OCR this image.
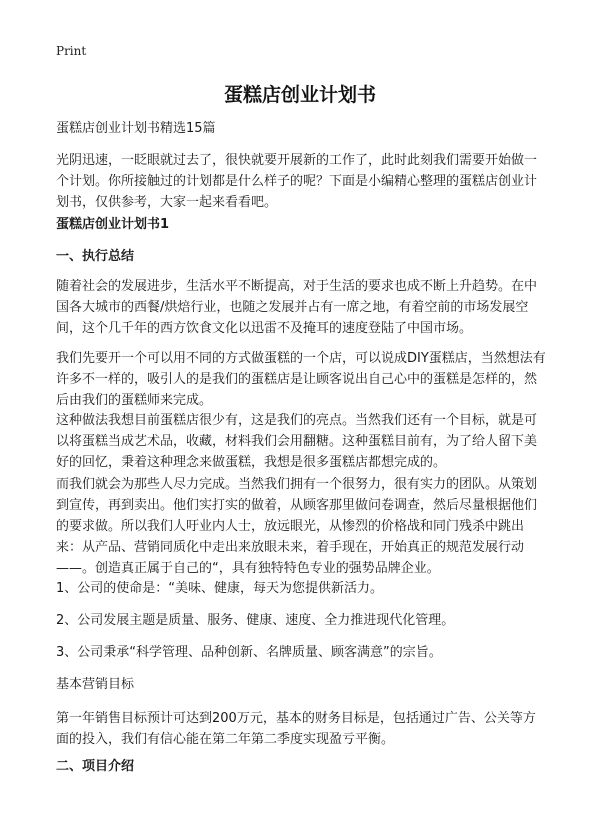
Print
蛋糕店创业计划书
蛋糕店创业计划书精选15篇
光阴迅速，一眨眼就过去了，很快就要开展新的工作了，此时此刻我们需要开始做一个计划。你所接触过的计划都是什么样子的呢？下面是小编精心整理的蛋糕店创业计划书，仅供参考，大家一起来看看吧。
蛋糕店创业计划书1
一、执行总结
随着社会的发展进步，生活水平不断提高，对于生活的要求也成不断上升趋势。在中国各大城市的西餐/烘焙行业，也随之发展并占有一席之地，有着空前的市场发展空间，这个几千年的西方饮食文化以迅雷不及掩耳的速度登陆了中国市场。
我们先要开一个可以用不同的方式做蛋糕的一个店，可以说成DIY蛋糕店，当然想法有许多不一样的，吸引人的是我们的蛋糕店是让顾客说出自己心中的蛋糕是怎样的，然后由我们的蛋糕师来完成。
这种做法我想目前蛋糕店很少有，这是我们的亮点。当然我们还有一个目标，就是可以将蛋糕当成艺术品，收藏，材料我们会用翻糖。这种蛋糕目前有，为了给人留下美好的回忆，秉着这种理念来做蛋糕，我想是很多蛋糕店都想完成的。
而我们就会为那些人尽力完成。当然我们拥有一个很努力，很有实力的团队。从策划到宣传，再到卖出。他们实打实的做着，从顾客那里做问卷调查，然后尽量根据他们的要求做。所以我们人吁业内人士，放远眼光，从惨烈的价格战和同门残杀中跳出来：从产品、营销同质化中走出来放眼未来，着手现在，开始真正的规范发展行动——。创造真正属于自己的“，具有独特特色专业的强势品牌企业。
1、公司的使命是：“美味、健康，每天为您提供新活力。
2、公司发展主题是质量、服务、健康、速度、全力推进现代化管理。
3、公司秉承“科学管理、品种创新、名牌质量、顾客满意”的宗旨。
基本营销目标
第一年销售目标预计可达到200万元，基本的财务目标是，包括通过广告、公关等方面的投入，我们有信心能在第二年第二季度实现盈亏平衡。
二、项目介绍
